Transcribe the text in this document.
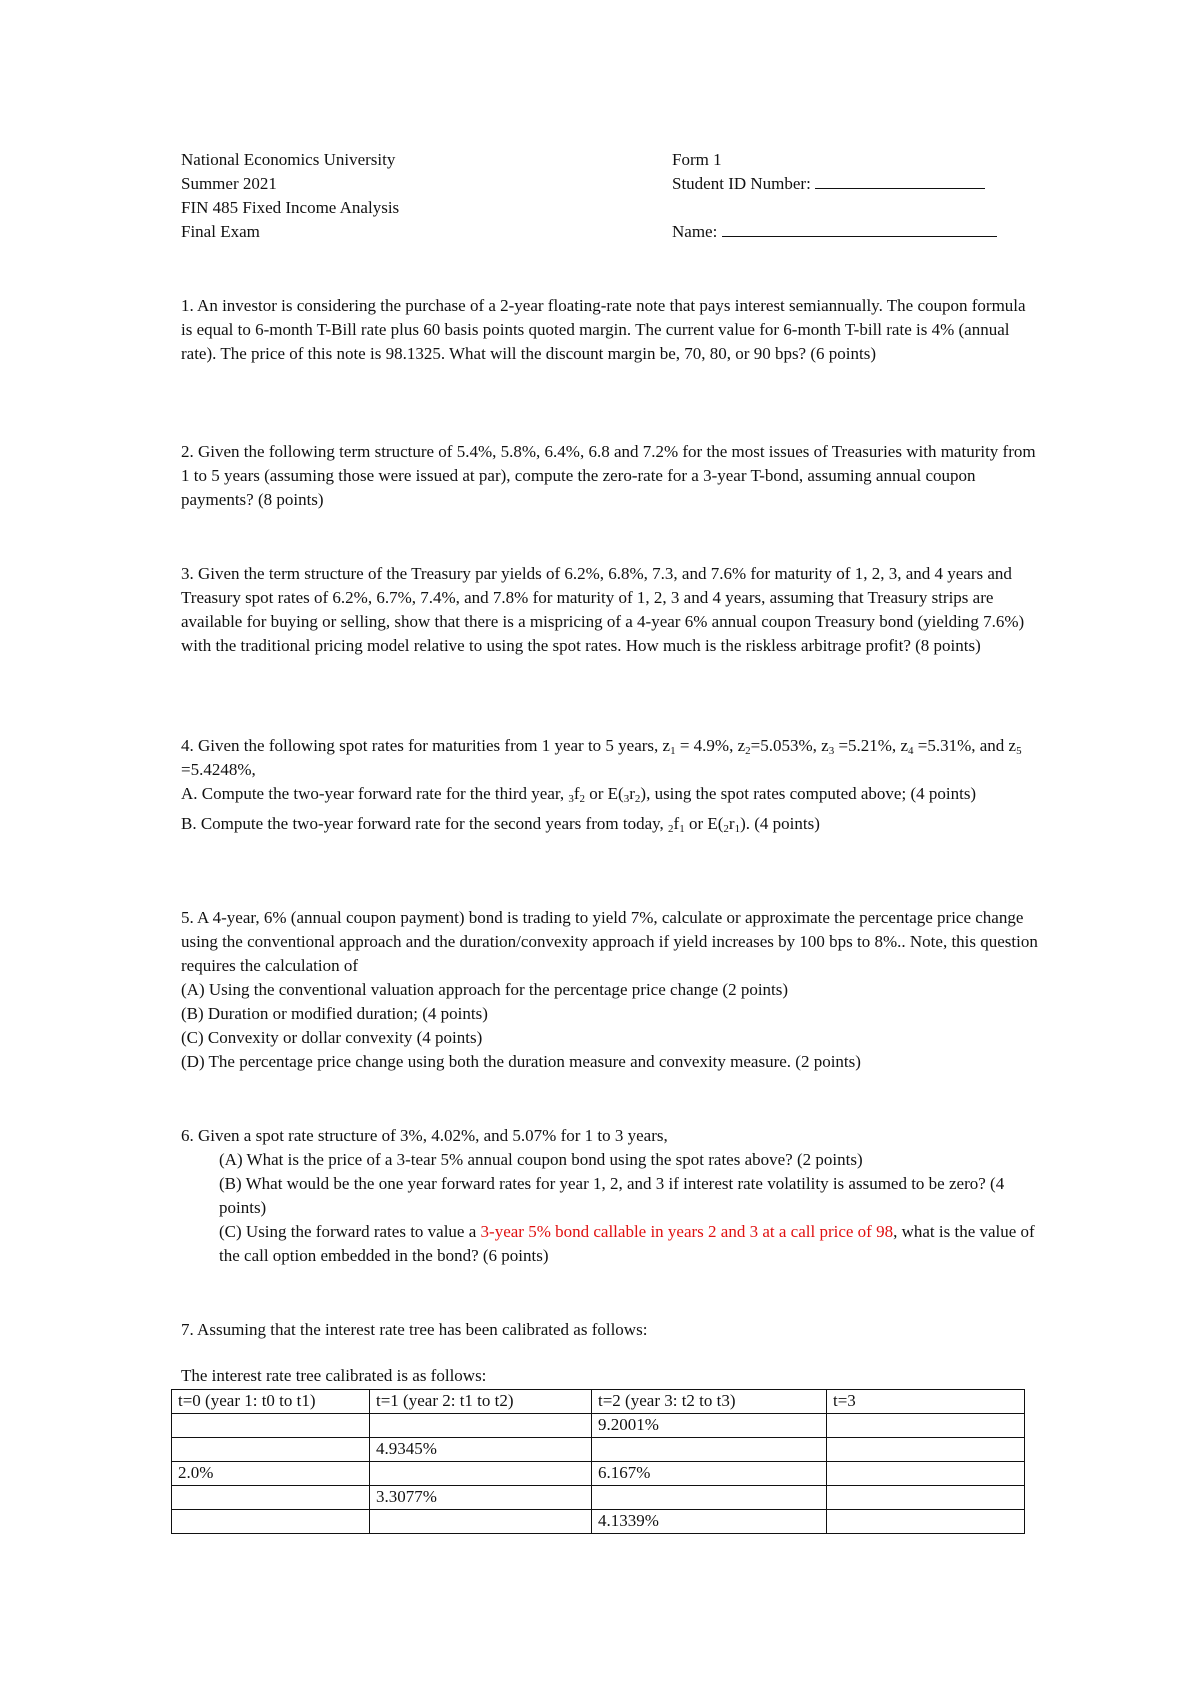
National Economics University
Summer 2021
FIN 485 Fixed Income Analysis
Final Exam
Form 1
Student ID Number:

Name:

1. An investor is considering the purchase of a 2-year floating-rate note that pays interest semiannually. The coupon formula is equal to 6-month T-Bill rate plus 60 basis points quoted margin. The current value for 6-month T-bill rate is 4% (annual rate). The price of this note is 98.1325. What will the discount margin be, 70, 80, or 90 bps? (6 points)

2. Given the following term structure of 5.4%, 5.8%, 6.4%, 6.8 and 7.2% for the most issues of Treasuries with maturity from 1 to 5 years (assuming those were issued at par), compute the zero-rate for a 3-year T-bond, assuming annual coupon payments? (8 points)

3. Given the term structure of the Treasury par yields of 6.2%, 6.8%, 7.3, and 7.6% for maturity of 1, 2, 3, and 4 years and Treasury spot rates of 6.2%, 6.7%, 7.4%, and 7.8% for maturity of 1, 2, 3 and 4 years, assuming that Treasury strips are available for buying or selling, show that there is a mispricing of a 4-year 6% annual coupon Treasury bond (yielding 7.6%) with the traditional pricing model relative to using the spot rates. How much is the riskless arbitrage profit? (8 points)

4. Given the following spot rates for maturities from 1 year to 5 years, $z_1 = 4.9\%$, $z_2=5.053\%$, $z_3 =5.21\%$, $z_4 =5.31\%$, and $z_5 =5.4248\%$,

A. Compute the two-year forward rate for the third year, $_3f_2$ or $E(_3r_2)$, using the spot rates computed above; (4 points)

B. Compute the two-year forward rate for the second years from today, $_2f_1$ or $E(_2r_1)$. (4 points)

5. A 4-year, 6% (annual coupon payment) bond is trading to yield 7%, calculate or approximate the percentage price change using the conventional approach and the duration/convexity approach if yield increases by 100 bps to 8%.. Note, this question requires the calculation of

(A) Using the conventional valuation approach for the percentage price change (2 points)

(B) Duration or modified duration; (4 points)

(C) Convexity or dollar convexity (4 points)

(D) The percentage price change using both the duration measure and convexity measure. (2 points)

6. Given a spot rate structure of 3%, 4.02%, and 5.07% for 1 to 3 years,

(A) What is the price of a 3-tear 5% annual coupon bond using the spot rates above? (2 points)

(B) What would be the one year forward rates for year 1, 2, and 3 if interest rate volatility is assumed to be zero? (4 points)

(C) Using the forward rates to value a 3-year 5% bond callable in years 2 and 3 at a call price of 98, what is the value of the call option embedded in the bond? (6 points)

7. Assuming that the interest rate tree has been calibrated as follows:

The interest rate tree calibrated is as follows:

t=0 (year 1: t0 to t1)	t=1 (year 2: t1 to t2)	t=2 (year 3: t2 to t3)	t=3
		9.2001%	
	4.9345%		
2.0%		6.167%	
	3.3077%		
		4.1339%	
